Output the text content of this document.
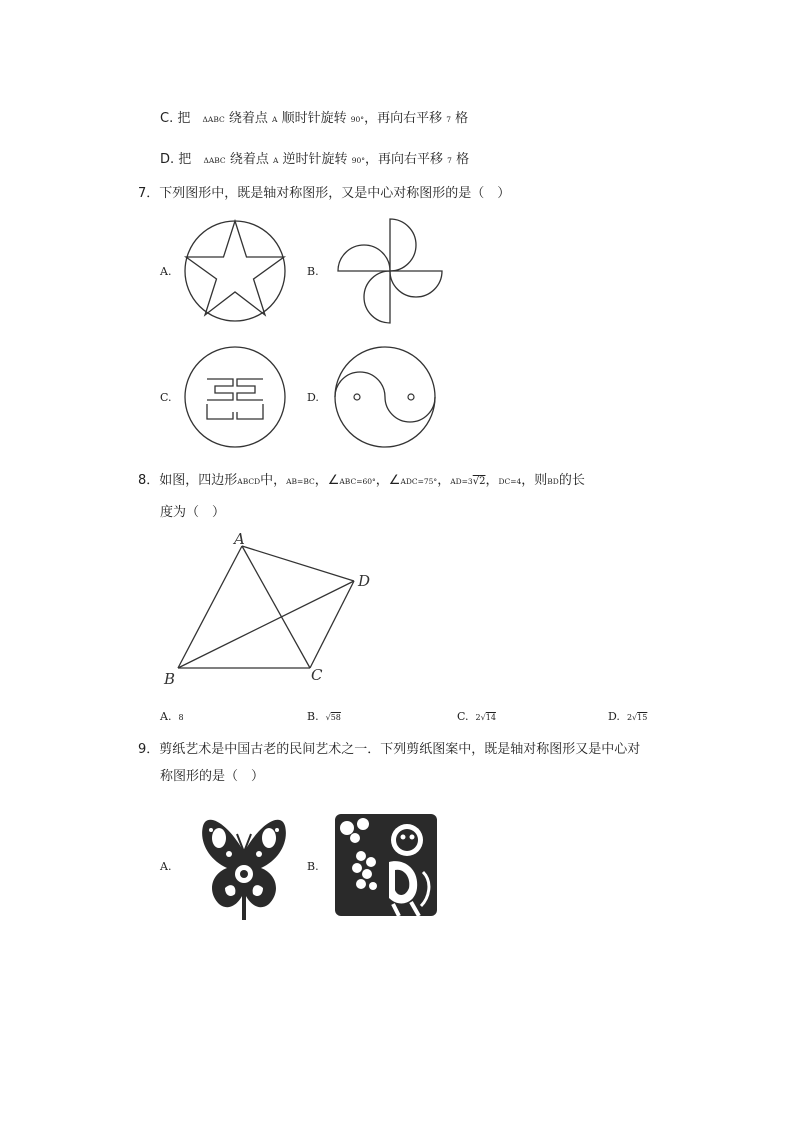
C. 把 ΔABC 绕着点 A 顺时针旋转 90°，再向右平移 7 格
D. 把 ΔABC 绕着点 A 逆时针旋转 90°，再向右平移 7 格
7．下列图形中，既是轴对称图形，又是中心对称图形的是（　）
A.	B.
C.	D.
8．如图，四边形ABCD中，AB=BC，∠ABC=60°，∠ADC=75°，AD=3√2，DC=4，则BD的长
度为（　）
A
B	C
D
A. 8	B. √58	C. 2√14	D. 2√15
9．剪纸艺术是中国古老的民间艺术之一．下列剪纸图案中，既是轴对称图形又是中心对
称图形的是（　）
A.	B.
